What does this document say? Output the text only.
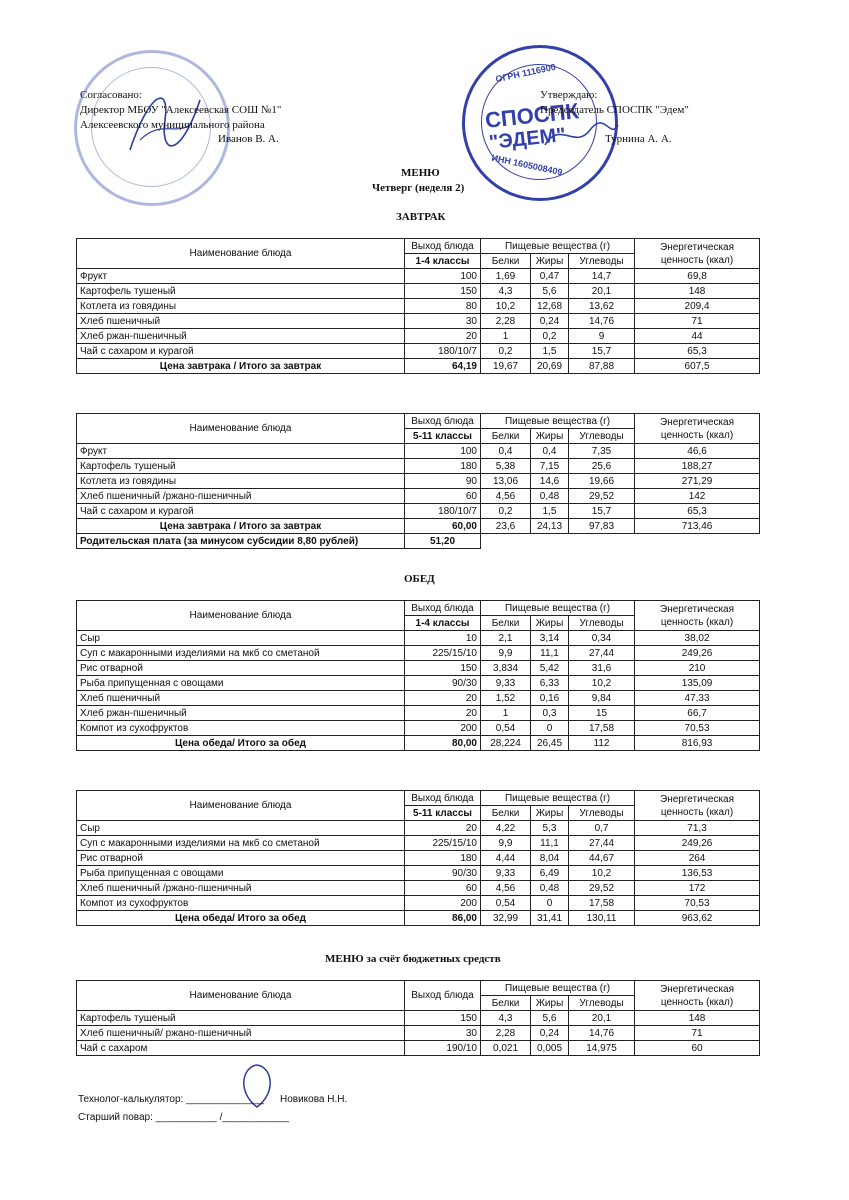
ОГРН 1116900
СПОСПК
"ЭДЕМ"
ИНН 1605008409
Согласовано:
Директор МБОУ "Алексеевская СОШ №1"
Алексеевского муниципального района
Иванов В. А.
Утверждаю:
Председатель СПОСПК "Эдем"
Турнина А. А.
МЕНЮ
Четверг (неделя 2)
ЗАВТРАК
Наименование блюда	Выход блюда	Пищевые вещества (г)			Энергетическая ценность (ккал)
	1-4 классы	Белки	Жиры	Углеводы	
Фрукт	100	1,69	0,47	14,7	69,8
Картофель тушеный	150	4,3	5,6	20,1	148
Котлета из говядины	80	10,2	12,68	13,62	209,4
Хлеб пшеничный	30	2,28	0,24	14,76	71
Хлеб ржан-пшеничный	20	1	0,2	9	44
Чай с сахаром и курагой	180/10/7	0,2	1,5	15,7	65,3
Цена завтрака / Итого за завтрак	64,19	19,67	20,69	87,88	607,5
Наименование блюда	Выход блюда	Пищевые вещества (г)			Энергетическая ценность (ккал)
	5-11 классы	Белки	Жиры	Углеводы	
Фрукт	100	0,4	0,4	7,35	46,6
Картофель тушеный	180	5,38	7,15	25,6	188,27
Котлета из говядины	90	13,06	14,6	19,66	271,29
Хлеб пшеничный /ржано-пшеничный	60	4,56	0,48	29,52	142
Чай с сахаром и курагой	180/10/7	0,2	1,5	15,7	65,3
Цена завтрака / Итого за завтрак	60,00	23,6	24,13	97,83	713,46
Родительская плата (за минусом субсидии 8,80 рублей)	51,20				
ОБЕД
Наименование блюда	Выход блюда	Пищевые вещества (г)			Энергетическая ценность (ккал)
	1-4 классы	Белки	Жиры	Углеводы	
Сыр	10	2,1	3,14	0,34	38,02
Суп с макаронными изделиями на мкб со сметаной	225/15/10	9,9	11,1	27,44	249,26
Рис отварной	150	3,834	5,42	31,6	210
Рыба припущенная с овощами	90/30	9,33	6,33	10,2	135,09
Хлеб пшеничный	20	1,52	0,16	9,84	47,33
Хлеб ржан-пшеничный	20	1	0,3	15	66,7
Компот из сухофруктов	200	0,54	0	17,58	70,53
Цена обеда/ Итого за обед	80,00	28,224	26,45	112	816,93
Наименование блюда	Выход блюда	Пищевые вещества (г)			Энергетическая ценность (ккал)
	5-11 классы	Белки	Жиры	Углеводы	
Сыр	20	4,22	5,3	0,7	71,3
Суп с макаронными изделиями на мкб со сметаной	225/15/10	9,9	11,1	27,44	249,26
Рис отварной	180	4,44	8,04	44,67	264
Рыба припущенная с овощами	90/30	9,33	6,49	10,2	136,53
Хлеб пшеничный /ржано-пшеничный	60	4,56	0,48	29,52	172
Компот из сухофруктов	200	0,54	0	17,58	70,53
Цена обеда/ Итого за обед	86,00	32,99	31,41	130,11	963,62
МЕНЮ за счёт бюджетных средств
Наименование блюда	Выход блюда	Пищевые вещества (г)			Энергетическая ценность (ккал)
		Белки	Жиры	Углеводы	
Картофель тушеный	150	4,3	5,6	20,1	148
Хлеб пшеничный/ ржано-пшеничный	30	2,28	0,24	14,76	71
Чай с сахаром	190/10	0,021	0,005	14,975	60
Технолог-калькулятор: ______________ Новикова Н.Н.
Старший повар: ___________ /____________
